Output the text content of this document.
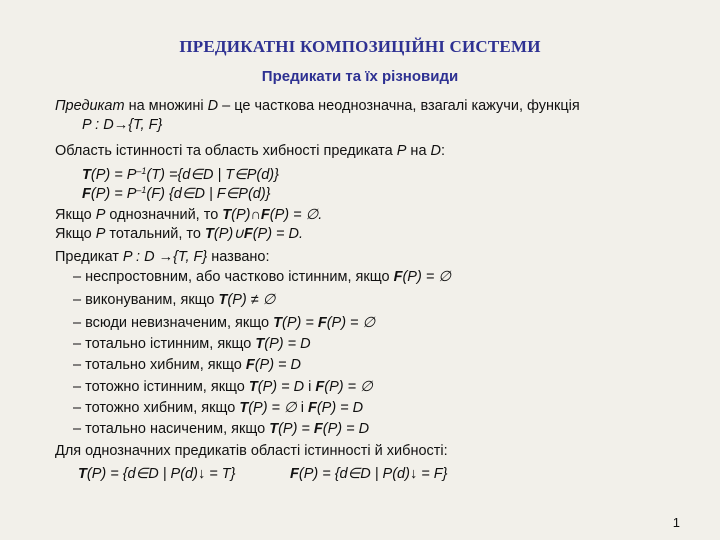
ПРЕДИКАТНІ КОМПОЗИЦІЙНІ СИСТЕМИ
Предикати та їх різновиди
Предикат на множині D – це часткова неоднозначна, взагалі кажучи, функція
P : D→{T, F}
Область істинності та область хибності предиката P на D:
$T(P) = P^{-1}(T)$ ={d∈D | T∈P(d)}
$F(P) = P^{-1}(F)$ {d∈D | F∈P(d)}
Якщо P однозначний, то T(P)∩F(P) = ∅.
Якщо P тотальний, то T(P)∪F(P) = D.
Предикат P : D →{T, F} названо:
– неспростовним, або частково істинним, якщо F(P) = ∅
– виконуваним, якщо T(P) ≠ ∅
– всюди невизначеним, якщо T(P) = F(P) = ∅
– тотально істинним, якщо T(P) = D
– тотально хибним, якщо F(P) = D
– тотожно істинним, якщо T(P) = D і F(P) = ∅
– тотожно хибним, якщо T(P) = ∅ і F(P) = D
– тотально насиченим, якщо T(P) = F(P) = D
Для однозначних предикатів області істинності й хибності:
T(P) = {d∈D | P(d)↓ = T}	F(P) = {d∈D | P(d)↓ = F}
1
